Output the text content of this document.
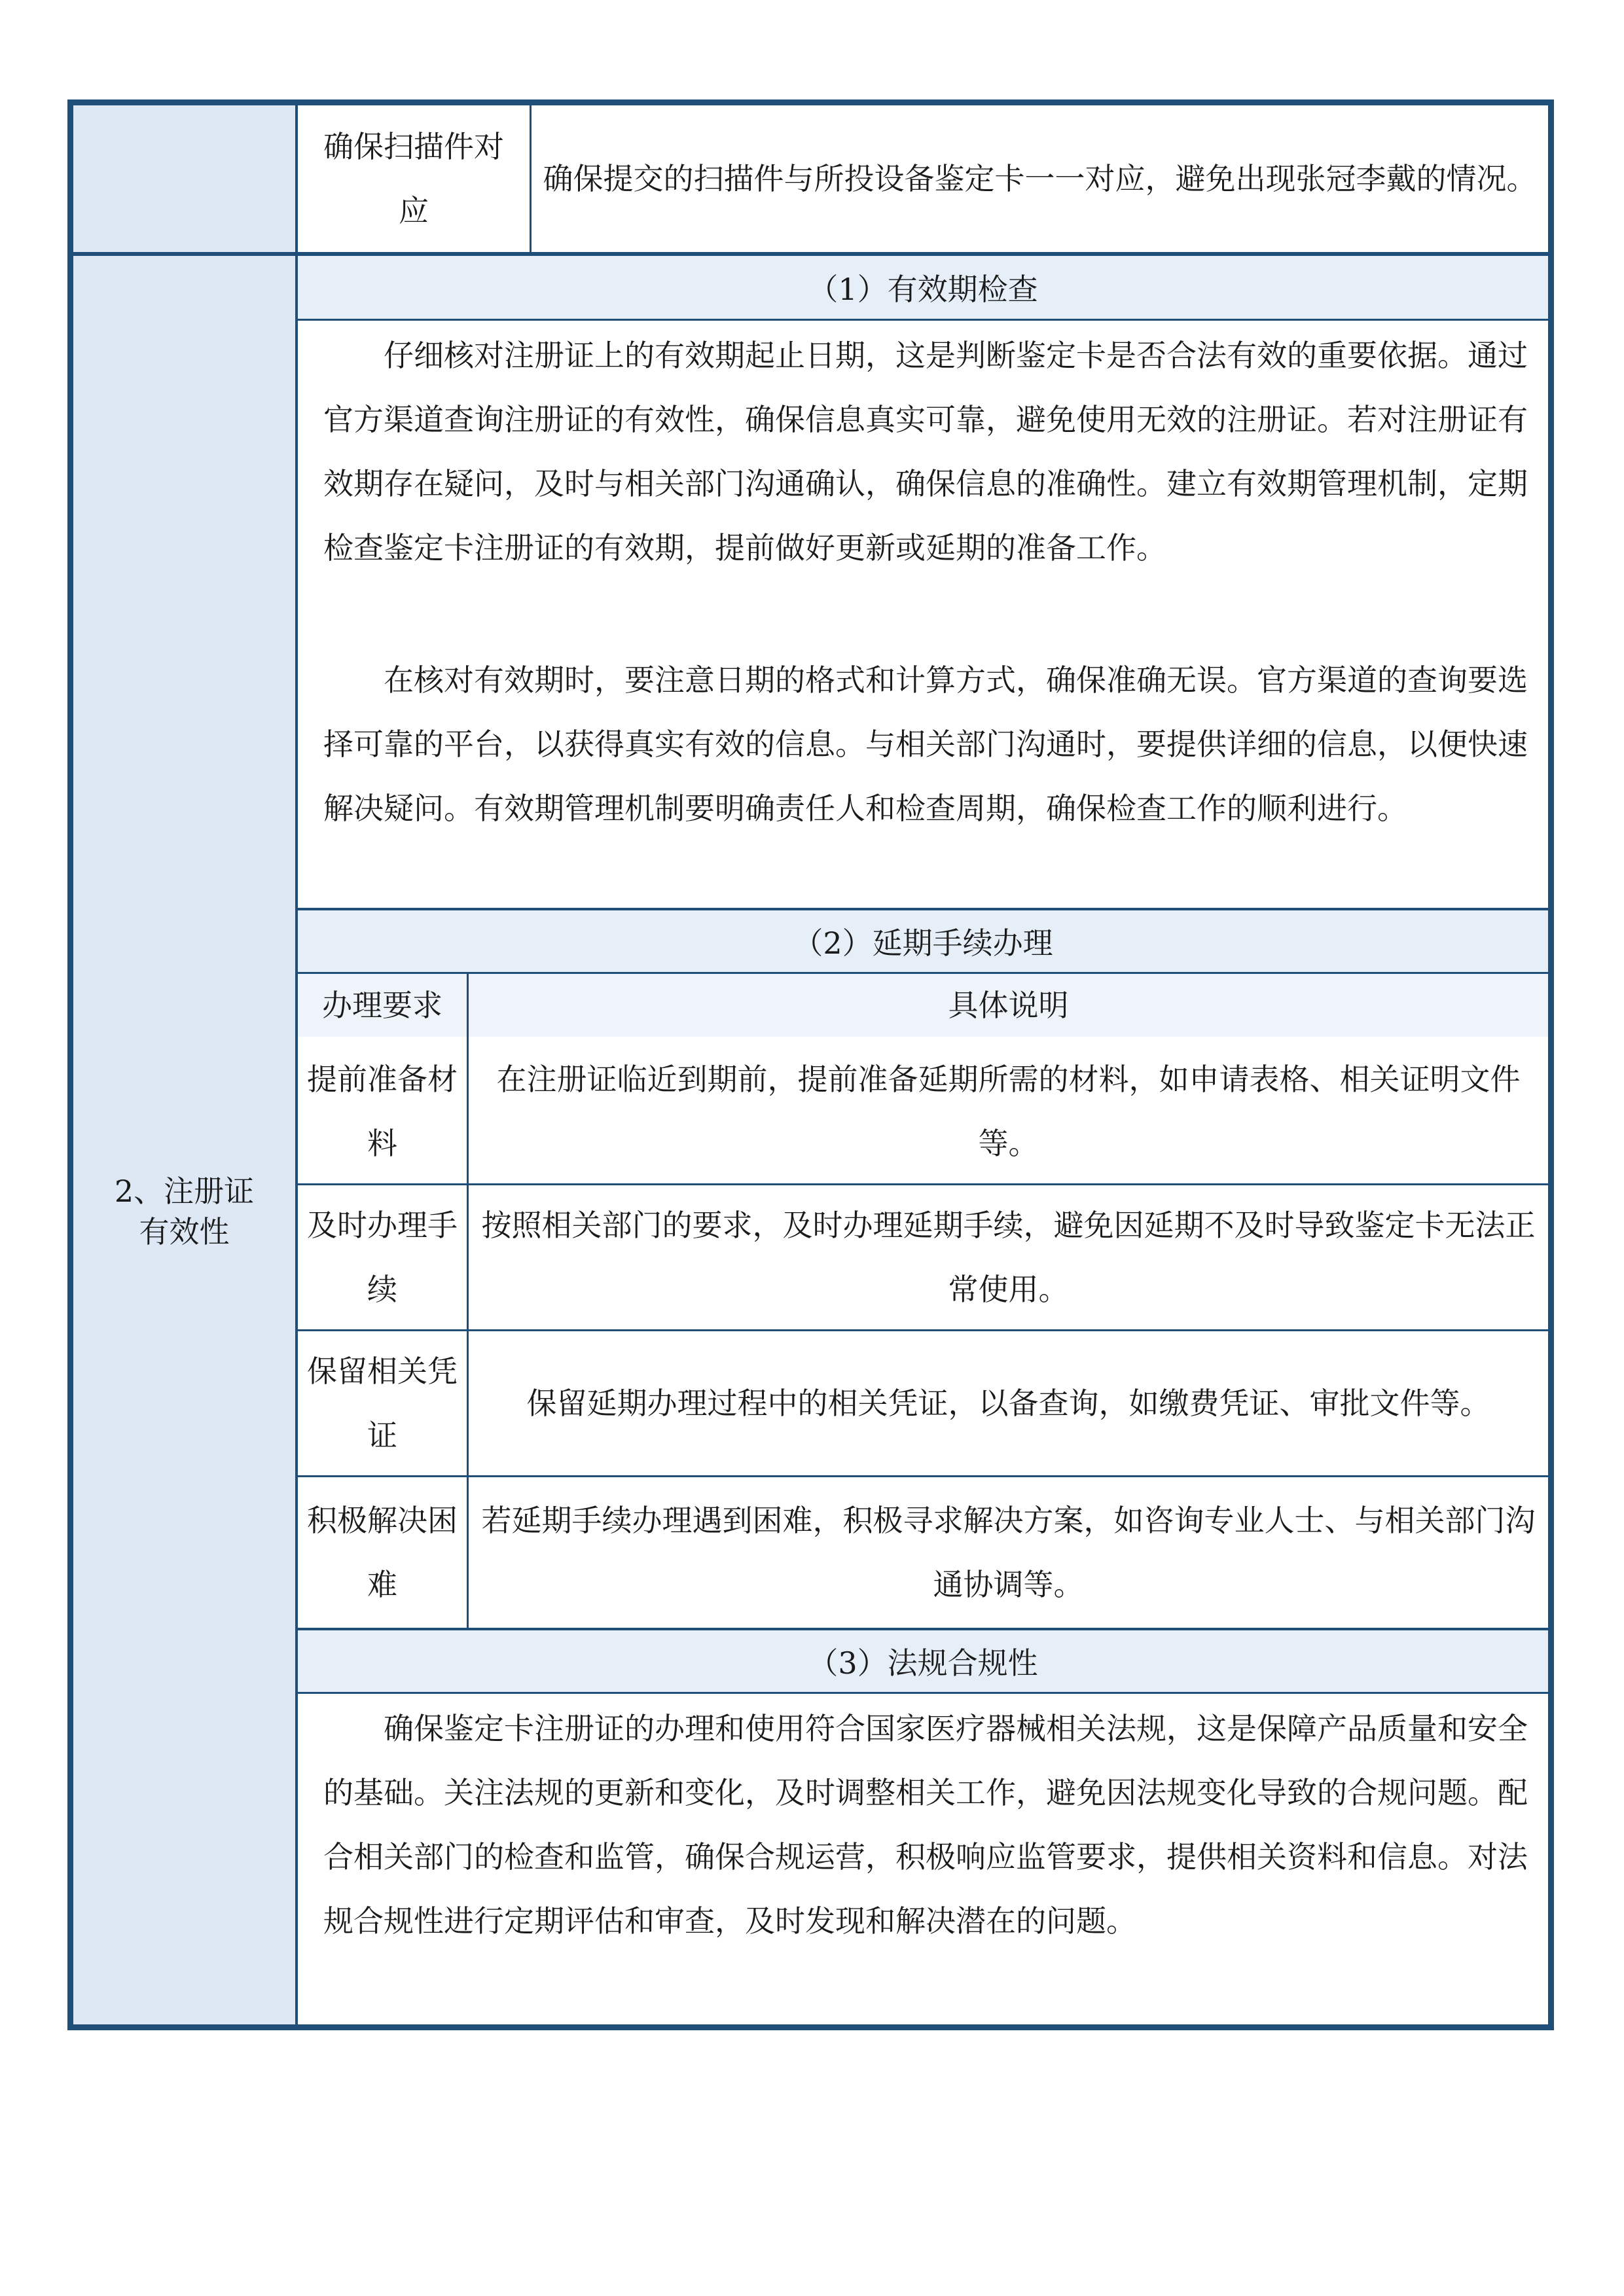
确保扫描件对应
确保提交的扫描件与所投设备鉴定卡一一对应，避免出现张冠李戴的情况。
2、注册证
有效性
（1）有效期检查

仔细核对注册证上的有效期起止日期，这是判断鉴定卡是否合法有效的重要依据。通过官方渠道查询注册证的有效性，确保信息真实可靠，避免使用无效的注册证。若对注册证有效期存在疑问，及时与相关部门沟通确认，确保信息的准确性。建立有效期管理机制，定期检查鉴定卡注册证的有效期，提前做好更新或延期的准备工作。

在核对有效期时，要注意日期的格式和计算方式，确保准确无误。官方渠道的查询要选择可靠的平台，以获得真实有效的信息。与相关部门沟通时，要提供详细的信息，以便快速解决疑问。有效期管理机制要明确责任人和检查周期，确保检查工作的顺利进行。

（2）延期手续办理
办理要求	具体说明
提前准备材料
在注册证临近到期前，提前准备延期所需的材料，如申请表格、相关证明文件等。
及时办理手续
按照相关部门的要求，及时办理延期手续，避免因延期不及时导致鉴定卡无法正常使用。
保留相关凭证
保留延期办理过程中的相关凭证，以备查询，如缴费凭证、审批文件等。
积极解决困难
若延期手续办理遇到困难，积极寻求解决方案，如咨询专业人士、与相关部门沟通协调等。
（3）法规合规性

确保鉴定卡注册证的办理和使用符合国家医疗器械相关法规，这是保障产品质量和安全的基础。关注法规的更新和变化，及时调整相关工作，避免因法规变化导致的合规问题。配合相关部门的检查和监管，确保合规运营，积极响应监管要求，提供相关资料和信息。对法规合规性进行定期评估和审查，及时发现和解决潜在的问题。
